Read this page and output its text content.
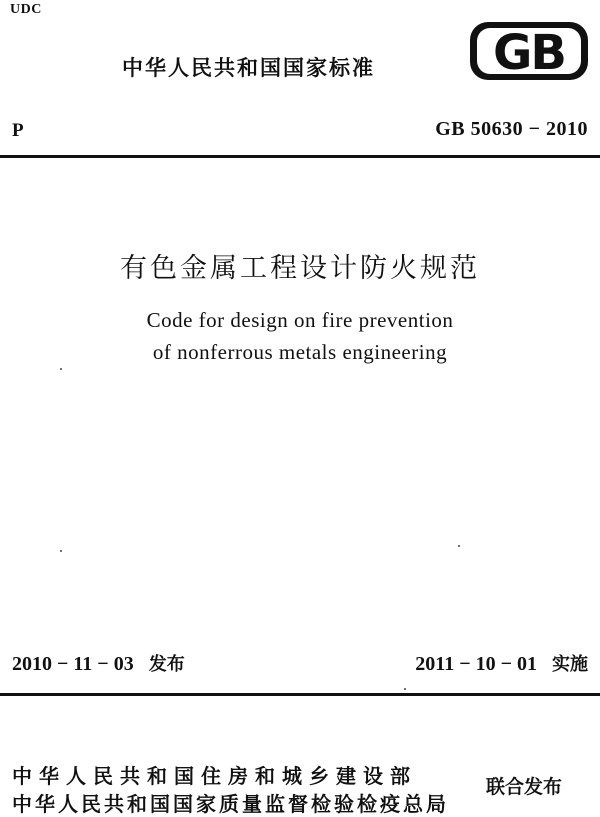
UDC
中华人民共和国国家标准 GB
P	GB 50630 − 2010
有色金属工程设计防火规范
Code for design on fire prevention
of nonferrous metals engineering
2010 − 11 − 03 发布	2011 − 10 − 01 实施
中华人民共和国住房和城乡建设部
中华人民共和国国家质量监督检验检疫总局
联合发布
